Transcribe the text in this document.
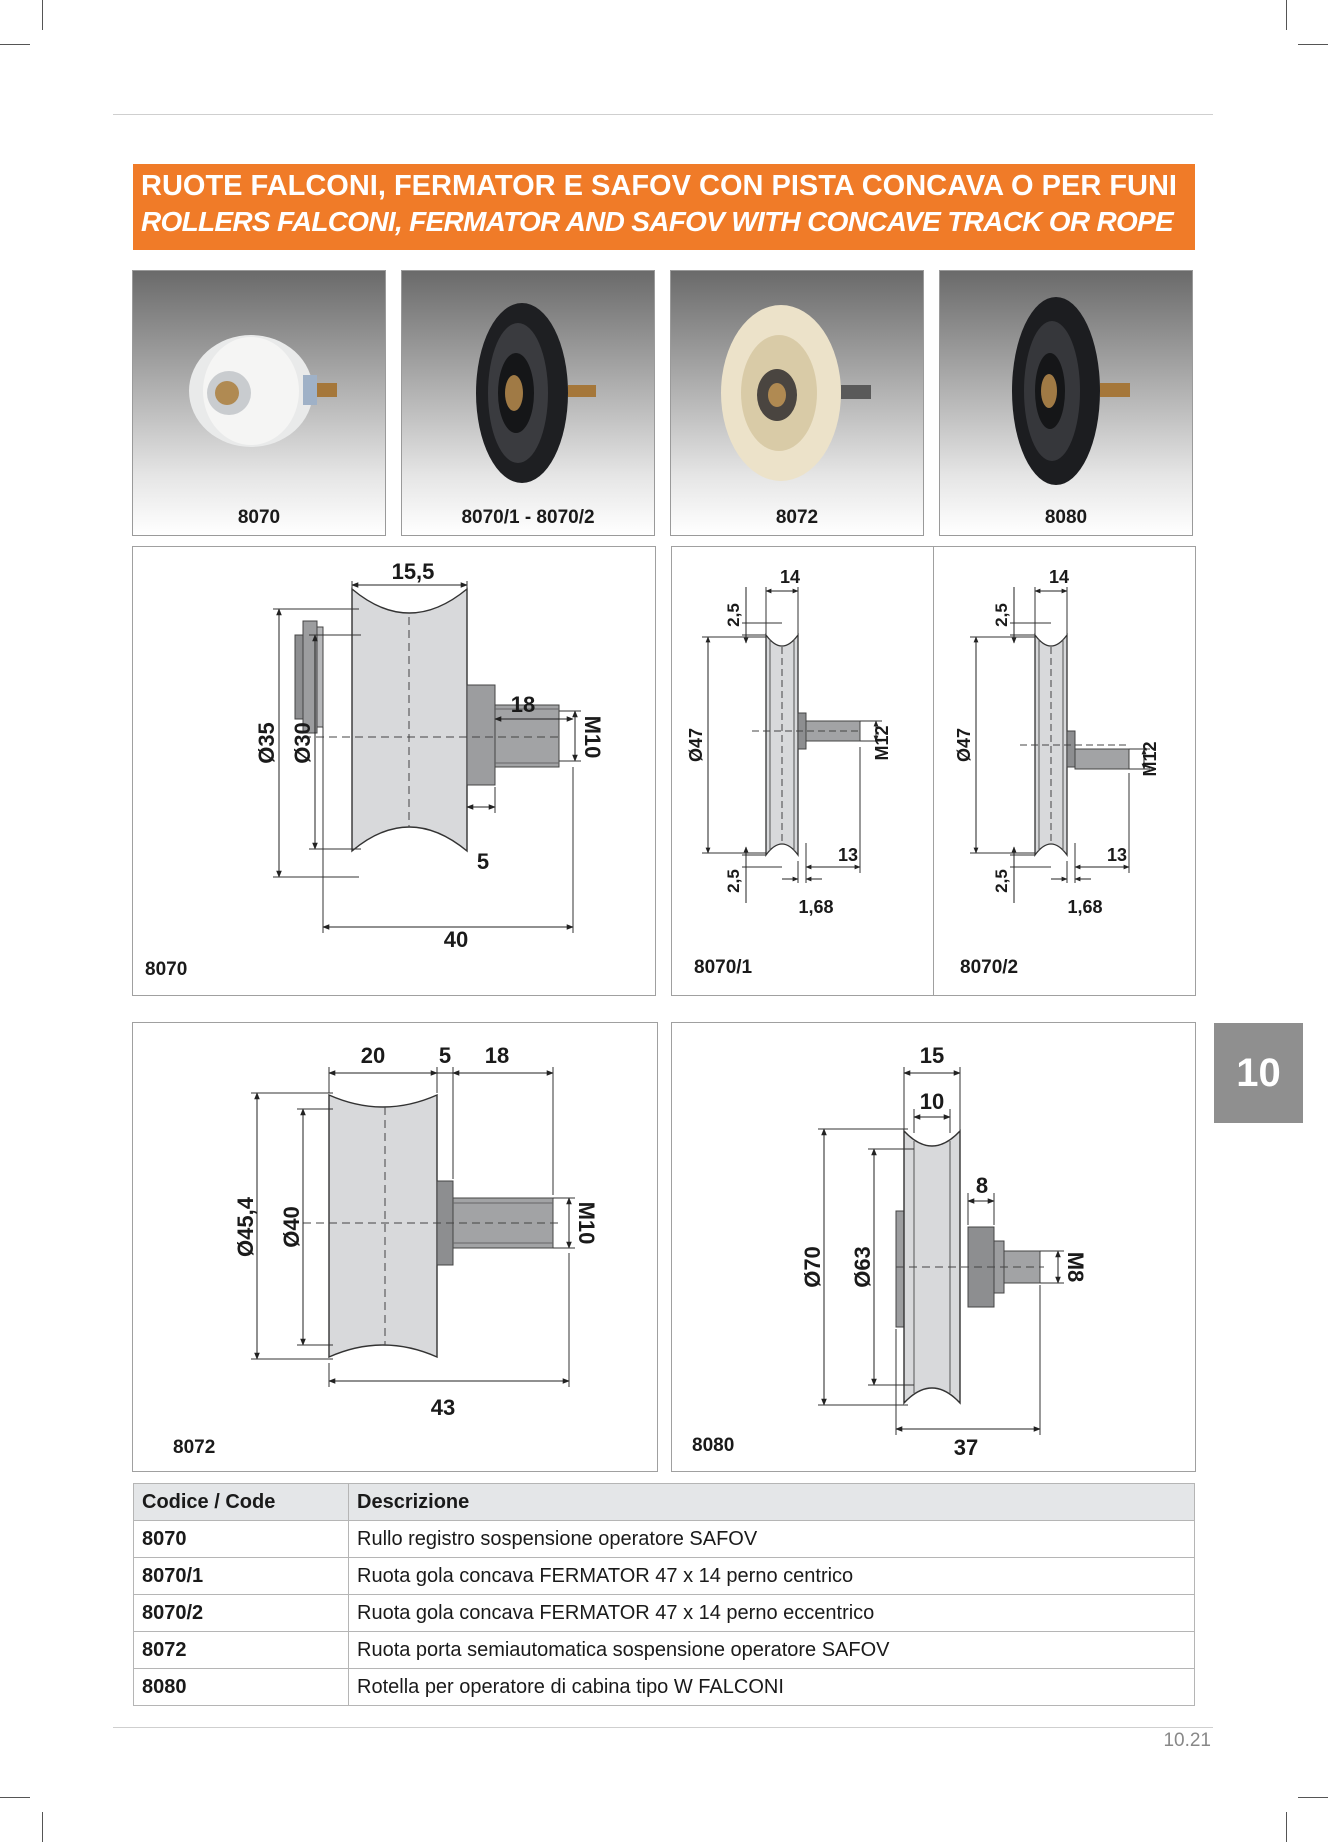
RUOTE FALCONI, FERMATOR E SAFOV CON PISTA CONCAVA O PER FUNI
ROLLERS FALCONI, FERMATOR AND SAFOV WITH CONCAVE TRACK OR ROPE
8070	8070/1 - 8070/2	8072	8080
15,5
18
Ø35 Ø30	M10
5
40
8070
14
2,5
Ø47	M12
13
2,5
1,68
8070/1
14
2,5
Ø47	M12
13
2,5
1,68
8070/2
20 5 18
Ø45,4 Ø40	M10
43
8072
15
10
8
Ø70 Ø63	M8
37
8080
10
Codice / Code	Descrizione
8070	Rullo registro sospensione operatore SAFOV
8070/1	Ruota gola concava FERMATOR 47 x 14 perno centrico
8070/2	Ruota gola concava FERMATOR 47 x 14 perno eccentrico
8072	Ruota porta semiautomatica sospensione operatore SAFOV
8080	Rotella per operatore di cabina tipo W FALCONI
10.21
